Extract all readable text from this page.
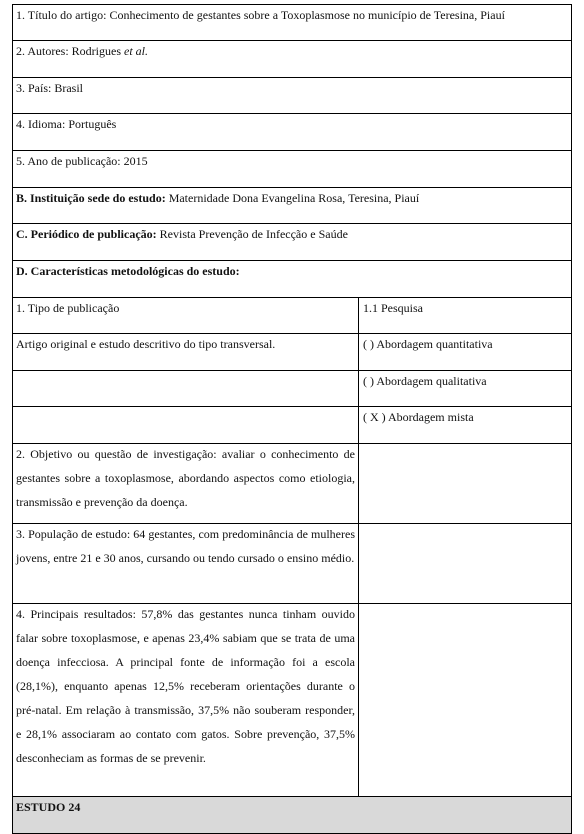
1. Título do artigo: Conhecimento de gestantes sobre a Toxoplasmose no município de Teresina, Piauí
2. Autores: Rodrigues et al.
3. País: Brasil
4. Idioma: Português
5. Ano de publicação: 2015
B. Instituição sede do estudo: Maternidade Dona Evangelina Rosa, Teresina, Piauí
C. Periódico de publicação: Revista Prevenção de Infecção e Saúde
D. Características metodológicas do estudo:
1. Tipo de publicação	1.1 Pesquisa
Artigo original e estudo descritivo do tipo transversal.	( ) Abordagem quantitativa
( ) Abordagem qualitativa
( X ) Abordagem mista
2. Objetivo ou questão de investigação: avaliar o conhecimento de gestantes sobre a toxoplasmose, abordando aspectos como etiologia, transmissão e prevenção da doença.
3. População de estudo: 64 gestantes, com predominância de mulheres jovens, entre 21 e 30 anos, cursando ou tendo cursado o ensino médio.
4. Principais resultados: 57,8% das gestantes nunca tinham ouvido falar sobre toxoplasmose, e apenas 23,4% sabiam que se trata de uma doença infecciosa. A principal fonte de informação foi a escola (28,1%), enquanto apenas 12,5% receberam orientações durante o pré-natal. Em relação à transmissão, 37,5% não souberam responder, e 28,1% associaram ao contato com gatos. Sobre prevenção, 37,5% desconheciam as formas de se prevenir.
ESTUDO 24
